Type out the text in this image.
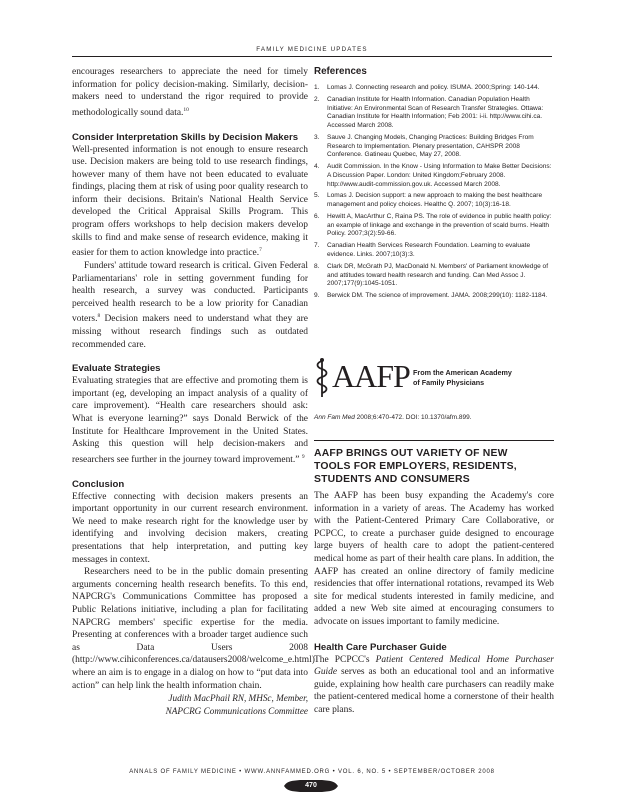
FAMILY MEDICINE UPDATES

encourages researchers to appreciate the need for timely information for policy decision-making. Similarly, decision-makers need to understand the rigor required to provide methodologically sound data.$^{10}$

Consider Interpretation Skills by Decision Makers

Well-presented information is not enough to ensure research use. Decision makers are being told to use research findings, however many of them have not been educated to evaluate findings, placing them at risk of using poor quality research to inform their decisions. Britain's National Health Service developed the Critical Appraisal Skills Program. This program offers workshops to help decision makers develop skills to find and make sense of research evidence, making it easier for them to action knowledge into practice.$^7$

Funders' attitude toward research is critical. Given Federal Parliamentarians' role in setting government funding for health research, a survey was conducted. Participants perceived health research to be a low priority for Canadian voters.$^8$ Decision makers need to understand what they are missing without research findings such as outdated recommended care.

Evaluate Strategies

Evaluating strategies that are effective and promoting them is important (eg, developing an impact analysis of a quality of care improvement). “Health care researchers should ask: What is everyone learning?” says Donald Berwick of the Institute for Healthcare Improvement in the United States. Asking this question will help decision-makers and researchers see further in the journey toward improvement.” $^9$

Conclusion

Effective connecting with decision makers presents an important opportunity in our current research environment. We need to make research right for the knowledge user by identifying and involving decision makers, creating presentations that help interpretation, and putting key messages in context.

Researchers need to be in the public domain presenting arguments concerning health research benefits. To this end, NAPCRG's Communications Committee has proposed a Public Relations initiative, including a plan for facilitating NAPCRG members' specific expertise for the media. Presenting at conferences with a broader target audience such as Data Users 2008 (http://www.cihiconferences.ca/datausers2008/welcome_e.html) where an aim is to engage in a dialog on how to “put data into action” can help link the health information chain.

Judith MacPhail RN, MHSc, Member,

NAPCRG Communications Committee

References
1. Lomas J. Connecting research and policy. ISUMA. 2000;Spring: 140-144.
2. Canadian Institute for Health Information. Canadian Population Health Initiative: An Environmental Scan of Research Transfer Strategies. Ottawa: Canadian Institute for Health Information; Feb 2001: i-ii. http://www.cihi.ca. Accessed March 2008.
3. Sauve J. Changing Models, Changing Practices: Building Bridges From Research to Implementation. Plenary presentation, CAHSPR 2008 Conference. Gatineau Quebec, May 27, 2008.
4. Audit Commission. In the Know - Using Information to Make Better Decisions: A Discussion Paper. London: United Kingdom;February 2008. http://www.audit-commission.gov.uk. Accessed March 2008.
5. Lomas J. Decision support: a new approach to making the best healthcare management and policy choices. Healthc Q. 2007; 10(3):16-18.
6. Hewitt A, MacArthur C, Raina PS. The role of evidence in public health policy: an example of linkage and exchange in the prevention of scald burns. Health Policy. 2007;3(2):59-66.
7. Canadian Health Services Research Foundation. Learning to evaluate evidence. Links. 2007;10(3):3.
8. Clark DR, McGrath PJ, MacDonald N. Members' of Parliament knowledge of and attitudes toward health research and funding. Can Med Assoc J. 2007;177(9):1045-1051.
9. Berwick DM. The science of improvement. JAMA. 2008;299(10): 1182-1184.
AAFP From the American Academy
of Family Physicians
Ann Fam Med 2008;6:470-472. DOI: 10.1370/afm.899.

AAFP BRINGS OUT VARIETY OF NEW
TOOLS FOR EMPLOYERS, RESIDENTS,
STUDENTS AND CONSUMERS

The AAFP has been busy expanding the Academy's core information in a variety of areas. The Academy has worked with the Patient-Centered Primary Care Collaborative, or PCPCC, to create a purchaser guide designed to encourage large buyers of health care to adopt the patient-centered medical home as part of their health care plans. In addition, the AAFP has created an online directory of family medicine residencies that offer international rotations, revamped its Web site for medical students interested in family medicine, and added a new Web site aimed at encouraging consumers to advocate on issues important to family medicine.

Health Care Purchaser Guide

The PCPCC's Patient Centered Medical Home Purchaser Guide serves as both an educational tool and an informative guide, explaining how health care purchasers can readily make the patient-centered medical home a cornerstone of their health care plans.

ANNALS OF FAMILY MEDICINE • WWW.ANNFAMMED.ORG • VOL. 6, NO. 5 • SEPTEMBER/OCTOBER 2008
470
